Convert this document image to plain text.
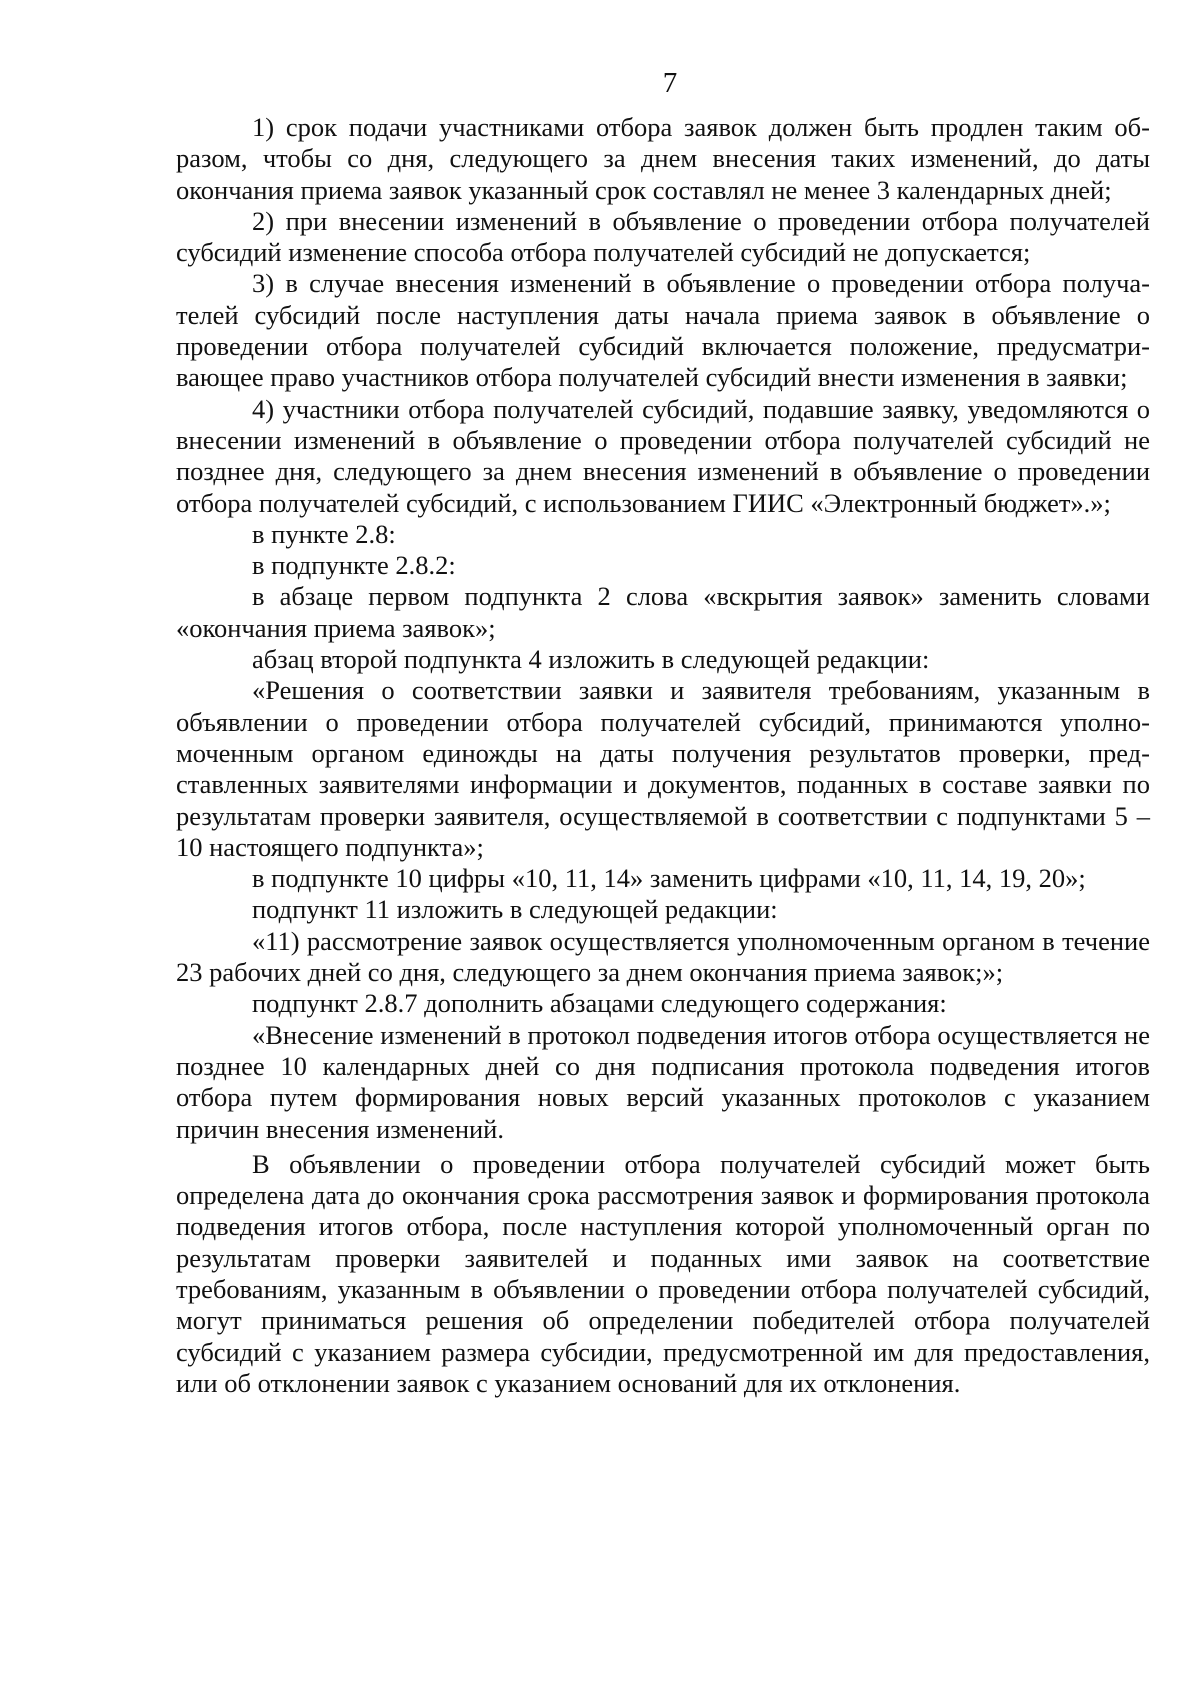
7

1) срок подачи участниками отбора заявок должен быть продлен таким образом, чтобы со дня, следующего за днем внесения таких изменений, до даты окончания приема заявок указанный срок составлял не менее 3 календарных дней;

2) при внесении изменений в объявление о проведении отбора получателей субсидий изменение способа отбора получателей субсидий не допускается;

3) в случае внесения изменений в объявление о проведении отбора получателей субсидий после наступления даты начала приема заявок в объявление о проведении отбора получателей субсидий включается положение, предусматривающее право участников отбора получателей субсидий внести изменения в заявки;

4) участники отбора получателей субсидий, подавшие заявку, уведомляются о внесении изменений в объявление о проведении отбора получателей субсидий не позднее дня, следующего за днем внесения изменений в объявление о проведении отбора получателей субсидий, с использованием ГИИС «Электронный бюджет».»;

в пункте 2.8:

в подпункте 2.8.2:

в абзаце первом подпункта 2 слова «вскрытия заявок» заменить словами «окончания приема заявок»;

абзац второй подпункта 4 изложить в следующей редакции:

«Решения о соответствии заявки и заявителя требованиям, указанным в объявлении о проведении отбора получателей субсидий, принимаются уполномоченным органом единожды на даты получения результатов проверки, представленных заявителями информации и документов, поданных в составе заявки по результатам проверки заявителя, осуществляемой в соответствии с подпунктами 5 – 10 настоящего подпункта»;

в подпункте 10 цифры «10, 11, 14» заменить цифрами «10, 11, 14, 19, 20»;

подпункт 11 изложить в следующей редакции:

«11) рассмотрение заявок осуществляется уполномоченным органом в течение 23 рабочих дней со дня, следующего за днем окончания приема заявок;»;

подпункт 2.8.7 дополнить абзацами следующего содержания:

«Внесение изменений в протокол подведения итогов отбора осуществляется не позднее 10 календарных дней со дня подписания протокола подведения итогов отбора путем формирования новых версий указанных протоколов с указанием причин внесения изменений.

В объявлении о проведении отбора получателей субсидий может быть определена дата до окончания срока рассмотрения заявок и формирования протокола подведения итогов отбора, после наступления которой уполномоченный орган по результатам проверки заявителей и поданных ими заявок на соответствие требованиям, указанным в объявлении о проведении отбора получателей субсидий, могут приниматься решения об определении победителей отбора получателей субсидий с указанием размера субсидии, предусмотренной им для предоставления, или об отклонении заявок с указанием оснований для их отклонения.
